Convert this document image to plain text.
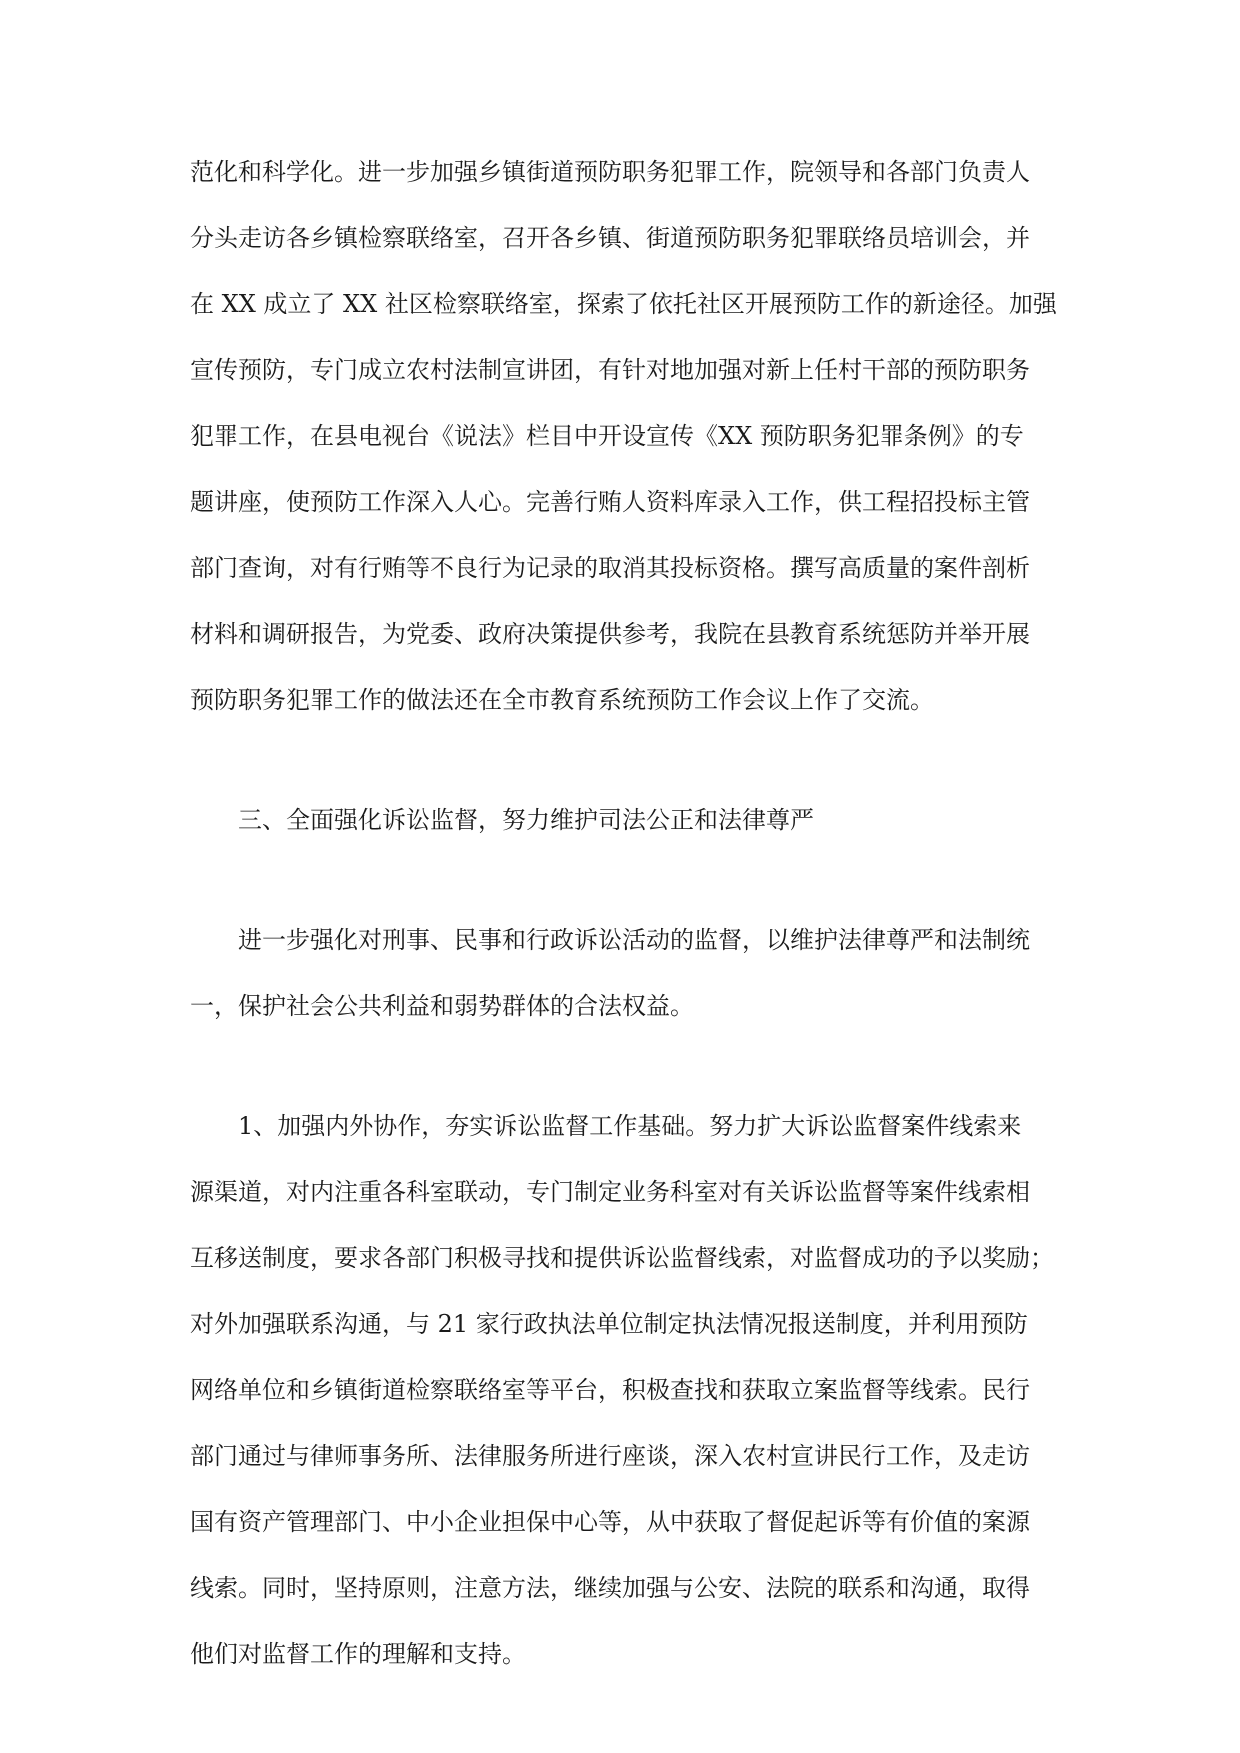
范化和科学化。进一步加强乡镇街道预防职务犯罪工作，院领导和各部门负责人
分头走访各乡镇检察联络室，召开各乡镇、街道预防职务犯罪联络员培训会，并
在 XX 成立了 XX 社区检察联络室，探索了依托社区开展预防工作的新途径。加强
宣传预防，专门成立农村法制宣讲团，有针对地加强对新上任村干部的预防职务
犯罪工作，在县电视台《说法》栏目中开设宣传《XX 预防职务犯罪条例》的专
题讲座，使预防工作深入人心。完善行贿人资料库录入工作，供工程招投标主管
部门查询，对有行贿等不良行为记录的取消其投标资格。撰写高质量的案件剖析
材料和调研报告，为党委、政府决策提供参考，我院在县教育系统惩防并举开展
预防职务犯罪工作的做法还在全市教育系统预防工作会议上作了交流。
三、全面强化诉讼监督，努力维护司法公正和法律尊严
进一步强化对刑事、民事和行政诉讼活动的监督，以维护法律尊严和法制统
一，保护社会公共利益和弱势群体的合法权益。
1、加强内外协作，夯实诉讼监督工作基础。努力扩大诉讼监督案件线索来
源渠道，对内注重各科室联动，专门制定业务科室对有关诉讼监督等案件线索相
互移送制度，要求各部门积极寻找和提供诉讼监督线索，对监督成功的予以奖励；
对外加强联系沟通，与 21 家行政执法单位制定执法情况报送制度，并利用预防
网络单位和乡镇街道检察联络室等平台，积极查找和获取立案监督等线索。民行
部门通过与律师事务所、法律服务所进行座谈，深入农村宣讲民行工作，及走访
国有资产管理部门、中小企业担保中心等，从中获取了督促起诉等有价值的案源
线索。同时，坚持原则，注意方法，继续加强与公安、法院的联系和沟通，取得
他们对监督工作的理解和支持。
